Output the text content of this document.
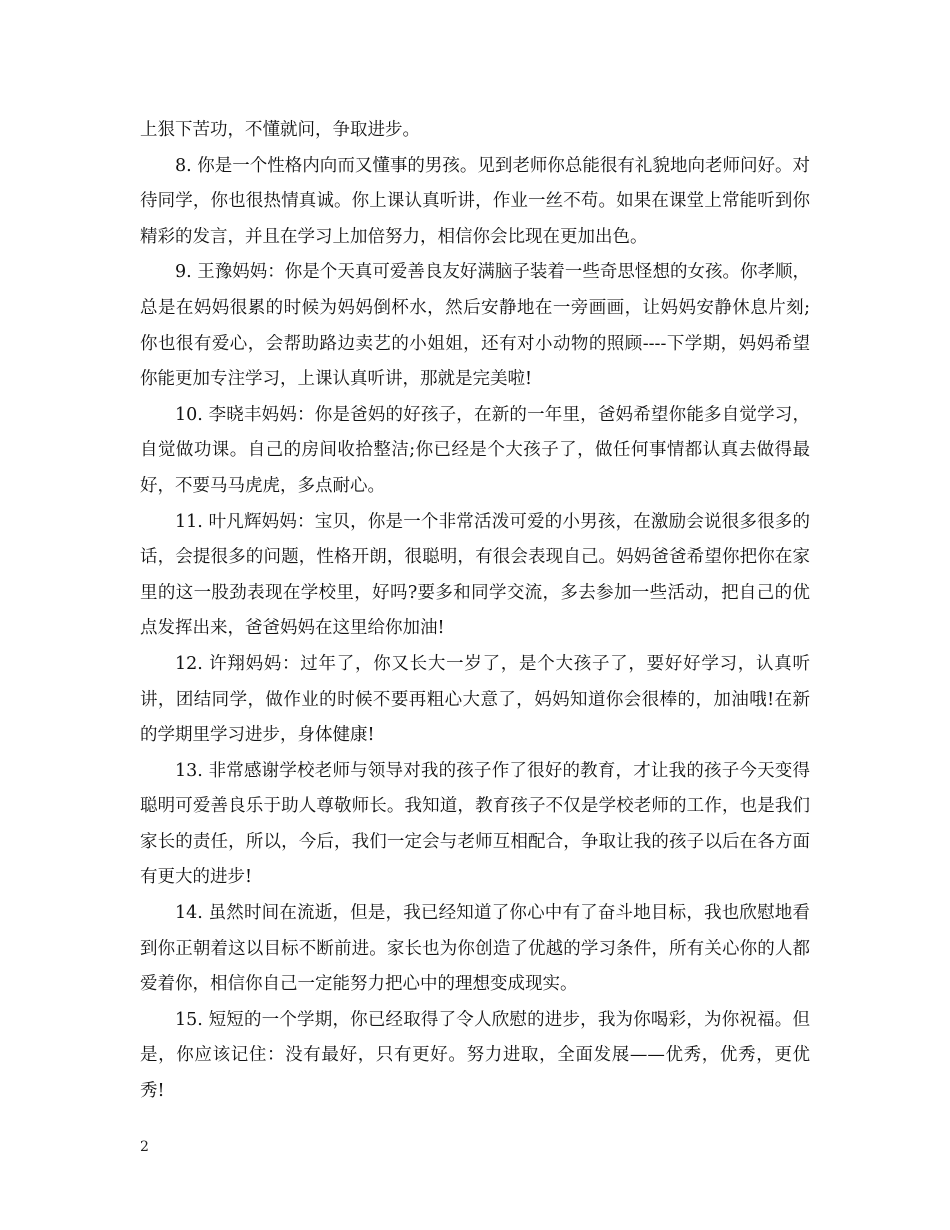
上狠下苦功，不懂就问，争取进步。

8. 你是一个性格内向而又懂事的男孩。见到老师你总能很有礼貌地向老师问好。对待同学，你也很热情真诚。你上课认真听讲，作业一丝不苟。如果在课堂上常能听到你精彩的发言，并且在学习上加倍努力，相信你会比现在更加出色。

9. 王豫妈妈：你是个天真可爱善良友好满脑子装着一些奇思怪想的女孩。你孝顺，总是在妈妈很累的时候为妈妈倒杯水，然后安静地在一旁画画，让妈妈安静休息片刻;你也很有爱心，会帮助路边卖艺的小姐姐，还有对小动物的照顾----下学期，妈妈希望你能更加专注学习，上课认真听讲，那就是完美啦!

10. 李晓丰妈妈：你是爸妈的好孩子，在新的一年里，爸妈希望你能多自觉学习，自觉做功课。自己的房间收拾整洁;你已经是个大孩子了，做任何事情都认真去做得最好，不要马马虎虎，多点耐心。

11. 叶凡辉妈妈：宝贝，你是一个非常活泼可爱的小男孩，在激励会说很多很多的话，会提很多的问题，性格开朗，很聪明，有很会表现自己。妈妈爸爸希望你把你在家里的这一股劲表现在学校里，好吗?要多和同学交流，多去参加一些活动，把自己的优点发挥出来，爸爸妈妈在这里给你加油!

12. 许翔妈妈：过年了，你又长大一岁了，是个大孩子了，要好好学习，认真听讲，团结同学，做作业的时候不要再粗心大意了，妈妈知道你会很棒的，加油哦!在新的学期里学习进步，身体健康!

13. 非常感谢学校老师与领导对我的孩子作了很好的教育，才让我的孩子今天变得聪明可爱善良乐于助人尊敬师长。我知道，教育孩子不仅是学校老师的工作，也是我们家长的责任，所以，今后，我们一定会与老师互相配合，争取让我的孩子以后在各方面有更大的进步!

14. 虽然时间在流逝，但是，我已经知道了你心中有了奋斗地目标，我也欣慰地看到你正朝着这以目标不断前进。家长也为你创造了优越的学习条件，所有关心你的人都爱着你，相信你自己一定能努力把心中的理想变成现实。

15. 短短的一个学期，你已经取得了令人欣慰的进步，我为你喝彩，为你祝福。但是，你应该记住：没有最好，只有更好。努力进取，全面发展——优秀，优秀，更优秀!

2
